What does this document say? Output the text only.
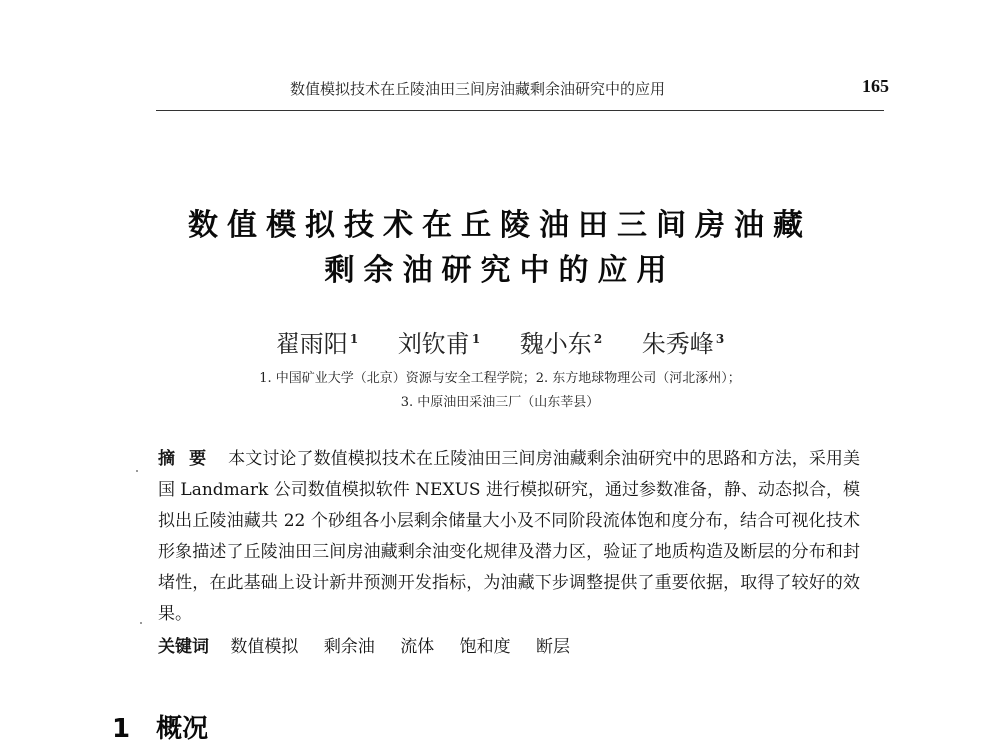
数值模拟技术在丘陵油田三间房油藏剩余油研究中的应用	165
数值模拟技术在丘陵油田三间房油藏
剩余油研究中的应用
翟雨阳 $^1$ 刘钦甫 $^1$ 魏小东 $^2$ 朱秀峰 $^3$
1. 中国矿业大学（北京）资源与安全工程学院；2. 东方地球物理公司（河北涿州）；
3. 中原油田采油三厂（山东莘县）
摘要 本文讨论了数值模拟技术在丘陵油田三间房油藏剩余油研究中的思路和方法，采用美国 Landmark 公司数值模拟软件 NEXUS 进行模拟研究，通过参数准备，静、动态拟合，模拟出丘陵油藏共 22 个砂组各小层剩余储量大小及不同阶段流体饱和度分布，结合可视化技术形象描述了丘陵油田三间房油藏剩余油变化规律及潜力区，验证了地质构造及断层的分布和封堵性，在此基础上设计新井预测开发指标，为油藏下步调整提供了重要依据，取得了较好的效果。
关键词 数值模拟 剩余油 流体 饱和度 断层
1 概况
